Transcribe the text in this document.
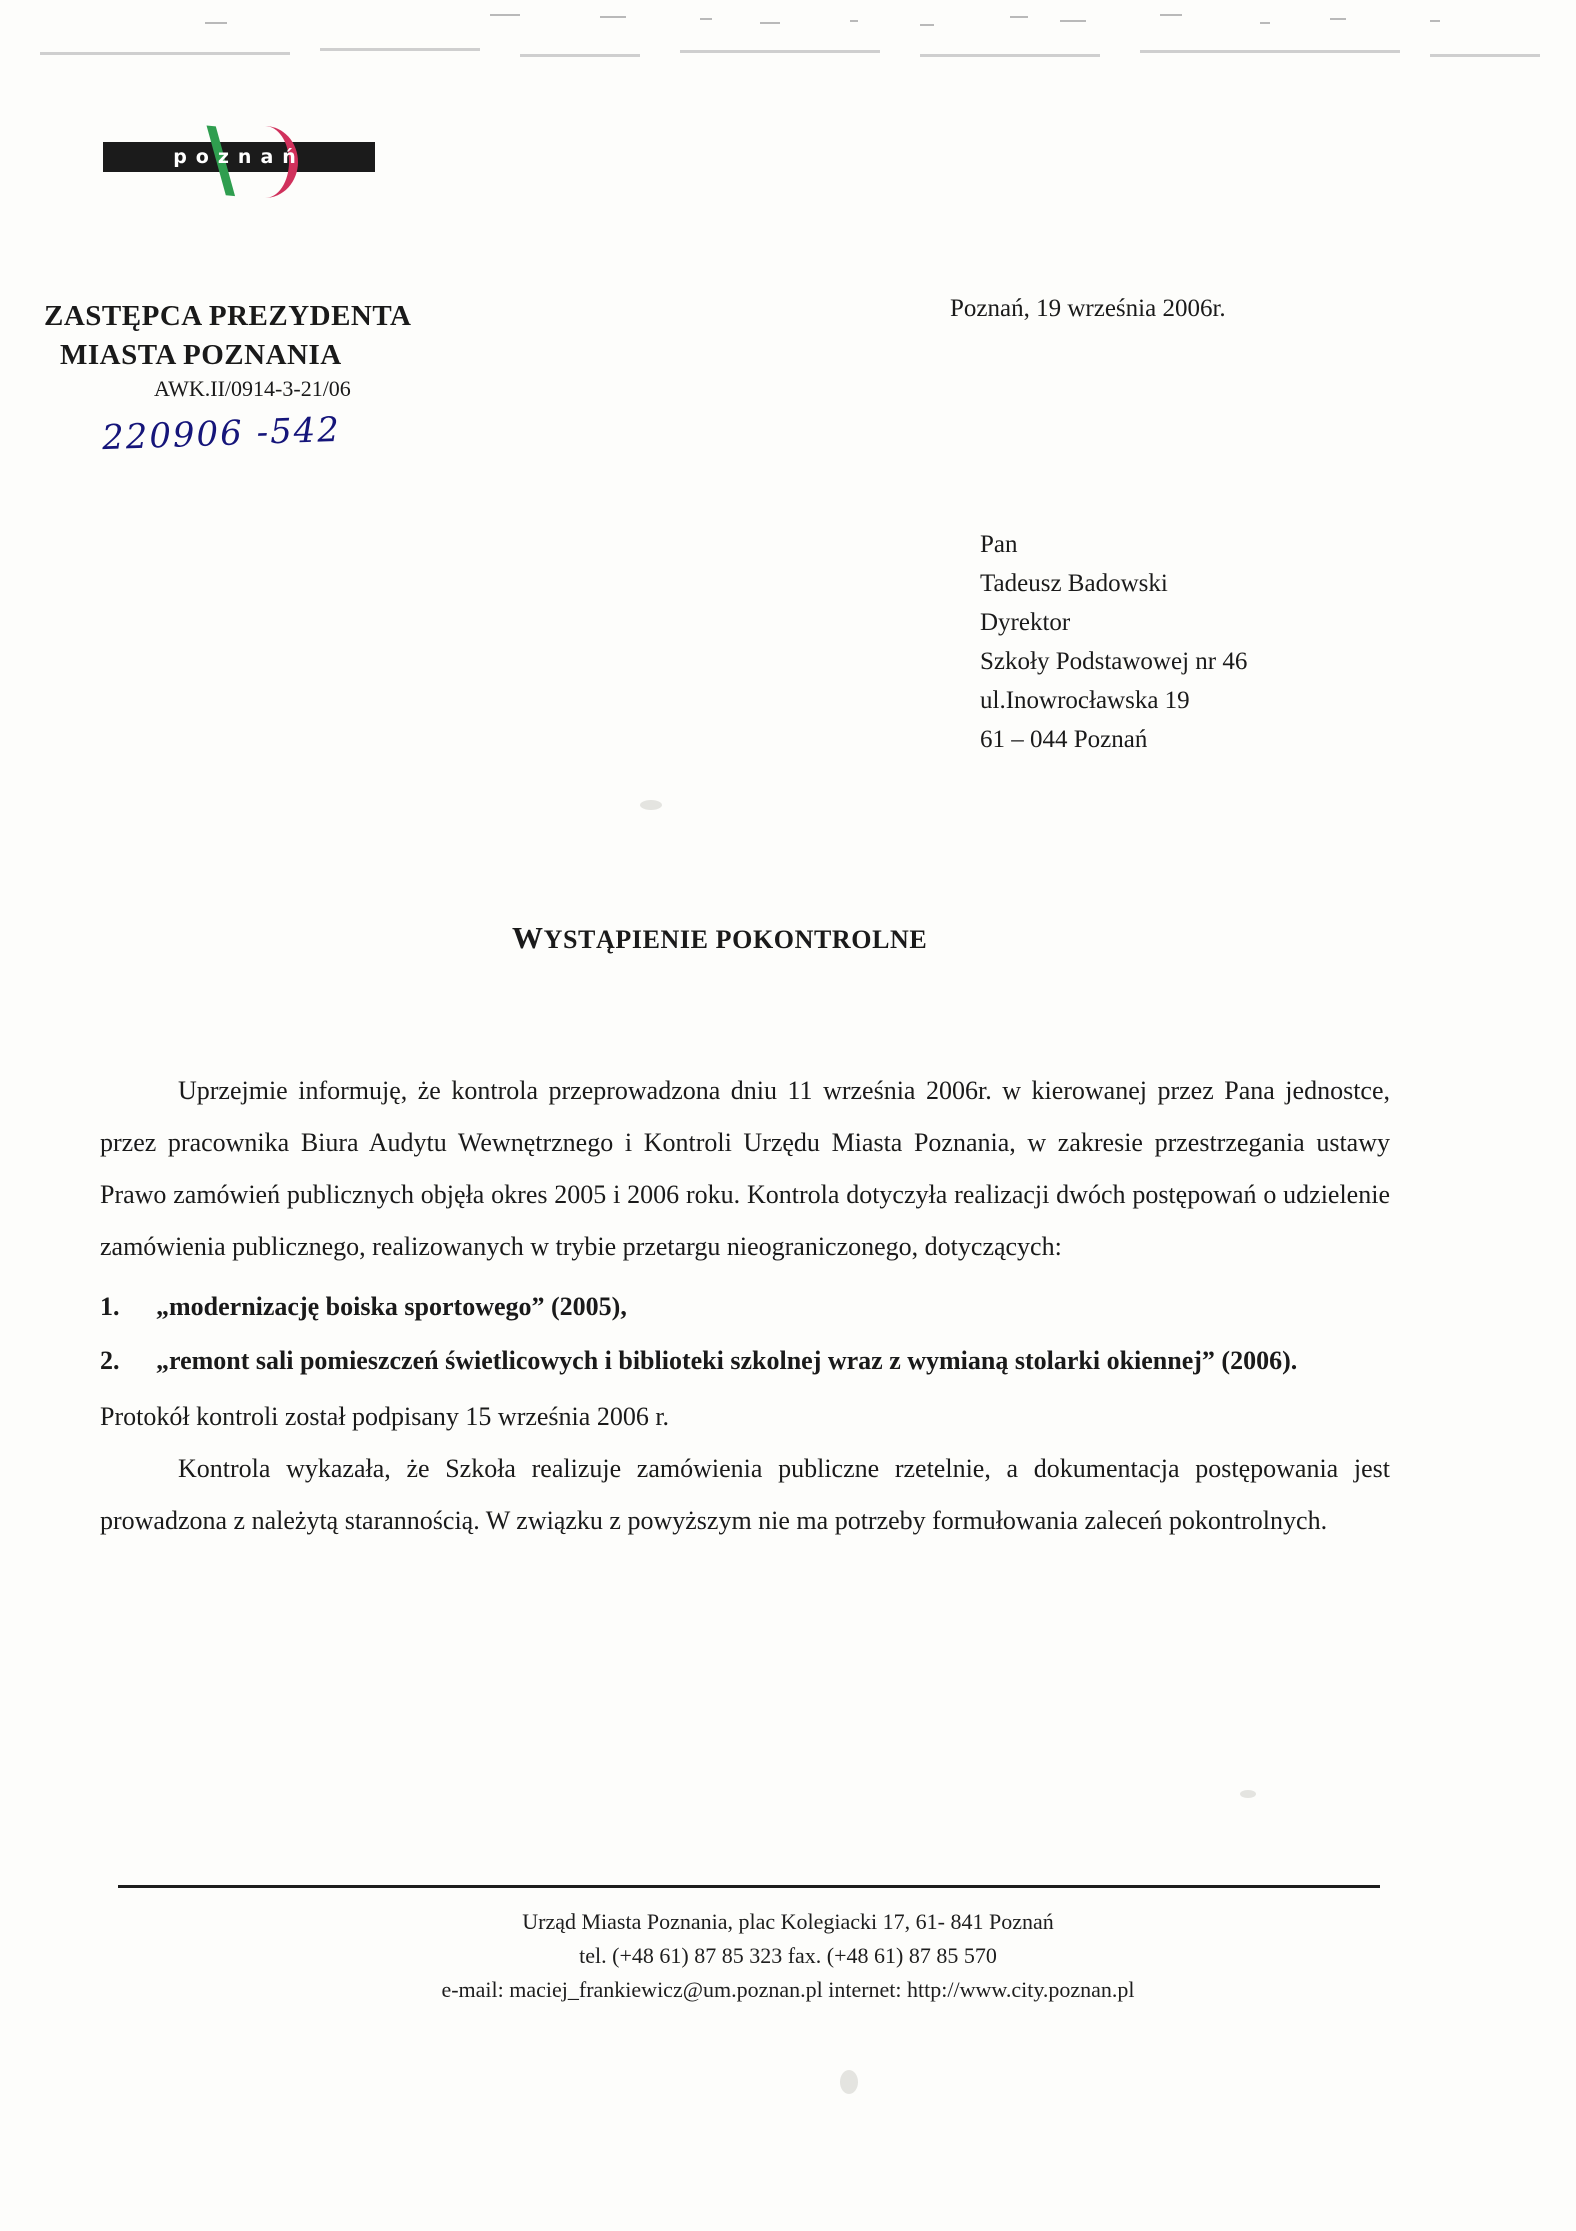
poznań
ZASTĘPCA PREZYDENTA
MIASTA POZNANIA
AWK.II/0914-3-21/06
220906 -542
Poznań, 19 września 2006r.
Pan
Tadeusz Badowski
Dyrektor
Szkoły Podstawowej nr 46
ul.Inowrocławska 19
61 – 044 Poznań
WYSTĄPIENIE POKONTROLNE

Uprzejmie informuję, że kontrola przeprowadzona dniu 11 września 2006r. w kierowanej przez Pana jednostce, przez pracownika Biura Audytu Wewnętrznego i Kontroli Urzędu Miasta Poznania, w zakresie przestrzegania ustawy Prawo zamówień publicznych objęła okres 2005 i 2006 roku. Kontrola dotyczyła realizacji dwóch postępowań o udzielenie zamówienia publicznego, realizowanych w trybie przetargu nieograniczonego, dotyczących:

1. „modernizację boiska sportowego” (2005),
2. „remont sali pomieszczeń świetlicowych i biblioteki szkolnej wraz z wymianą stolarki okiennej” (2006).

Protokół kontroli został podpisany 15 września 2006 r.

Kontrola wykazała, że Szkoła realizuje zamówienia publiczne rzetelnie, a dokumentacja postępowania jest prowadzona z należytą starannością. W związku z powyższym nie ma potrzeby formułowania zaleceń pokontrolnych.

Urząd Miasta Poznania, plac Kolegiacki 17, 61- 841 Poznań
tel. (+48 61) 87 85 323 fax. (+48 61) 87 85 570
e-mail: maciej_frankiewicz@um.poznan.pl internet: http://www.city.poznan.pl
